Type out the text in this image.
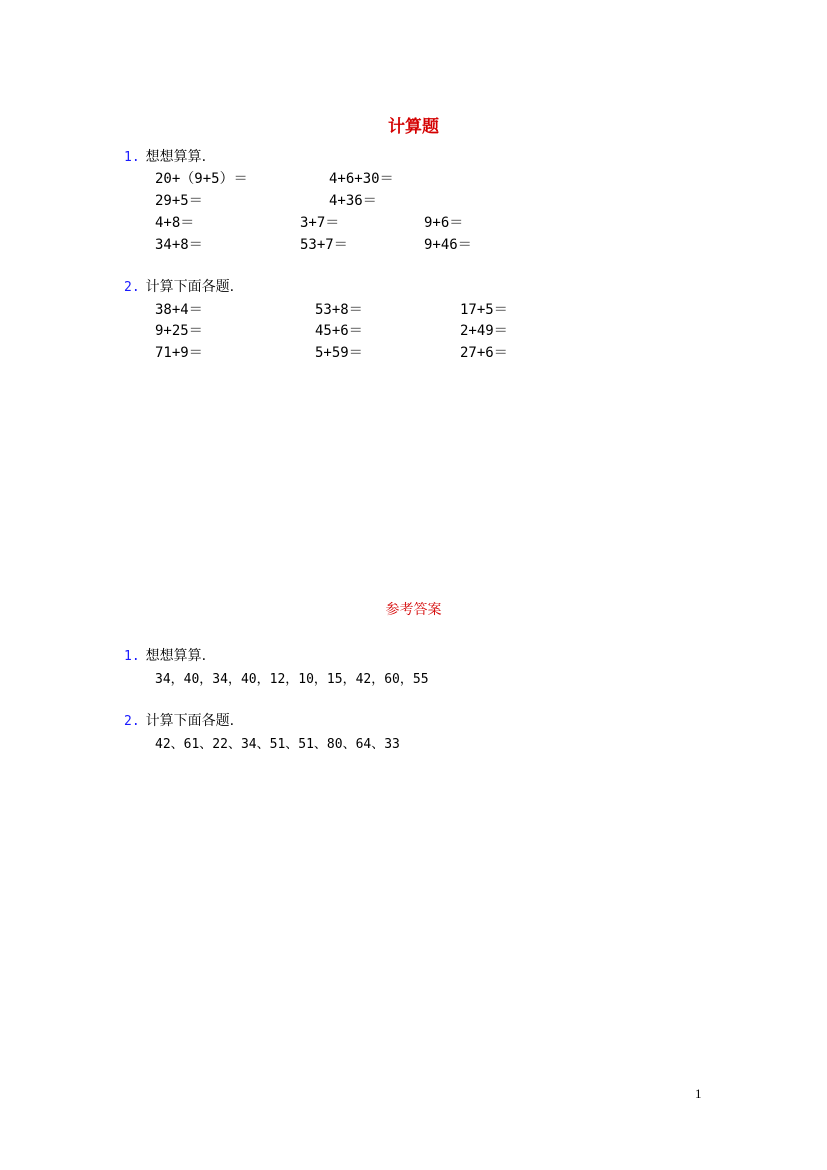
计算题
1. 想想算算.
20+（9+5）＝	4+6+30＝
29+5＝	4+36＝
4+8＝	3+7＝	9+6＝
34+8＝	53+7＝	9+46＝
2. 计算下面各题.
38+4＝	53+8＝	17+5＝
9+25＝	45+6＝	2+49＝
71+9＝	5+59＝	27+6＝
参考答案
1. 想想算算.
34，40，34，40，12，10，15，42，60，55
2. 计算下面各题.
42、61、22、34、51、51、80、64、33
1
